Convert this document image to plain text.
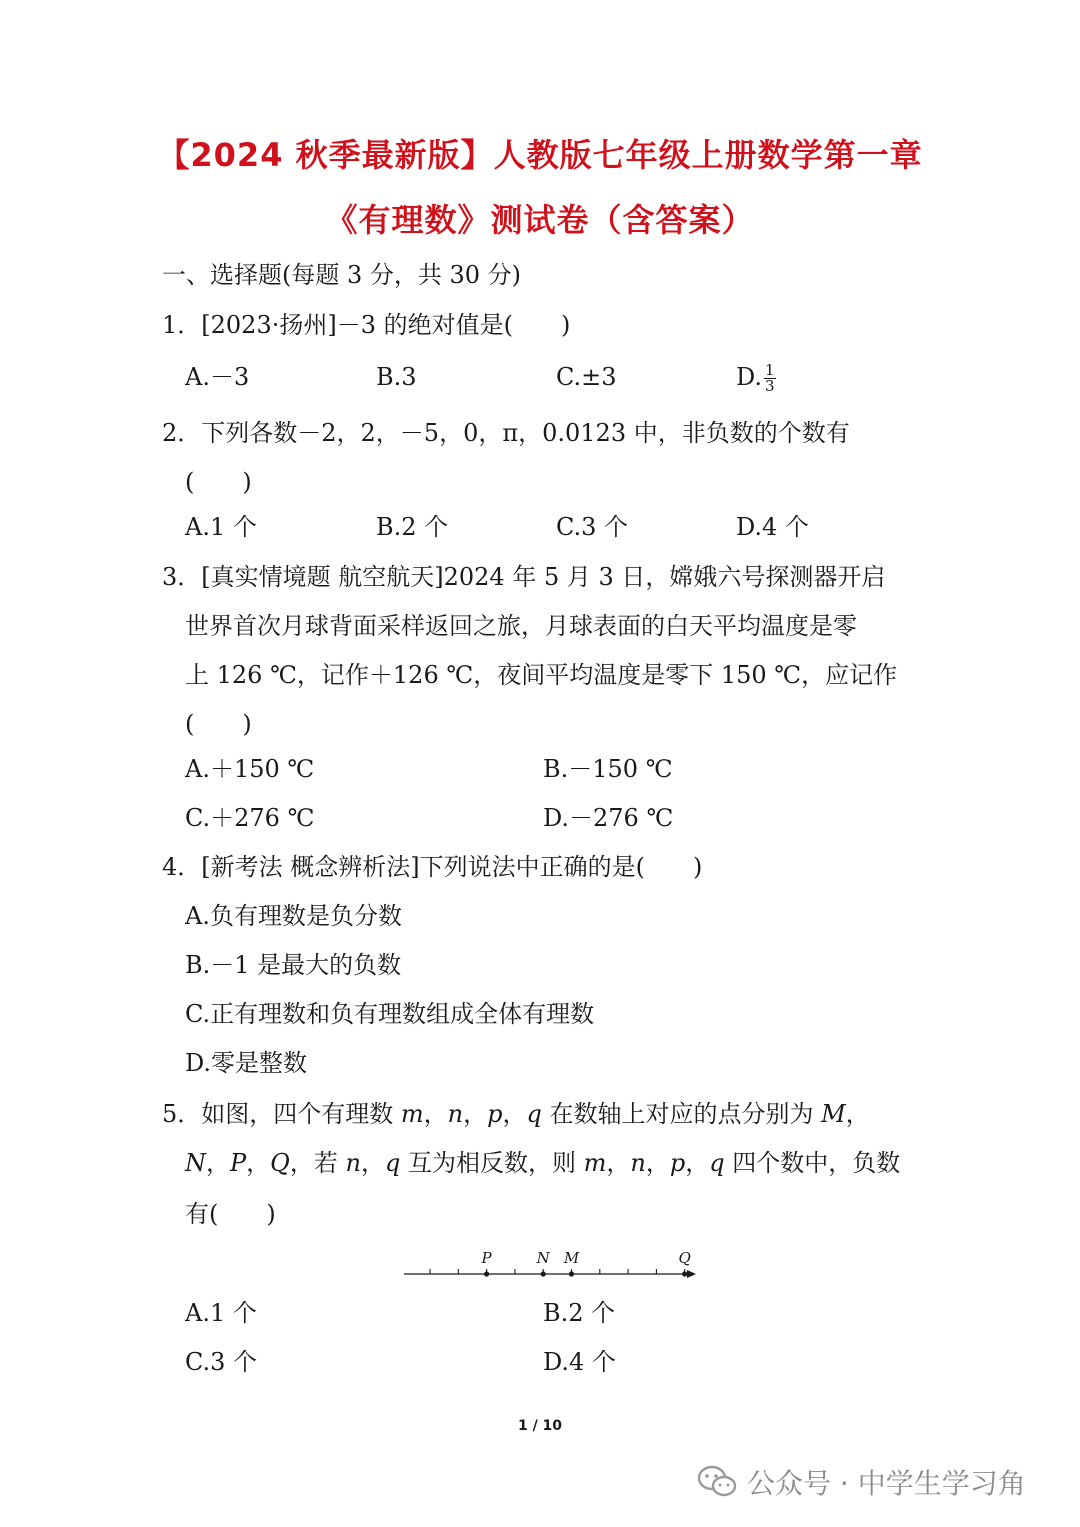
【2024 秋季最新版】人教版七年级上册数学第一章
《有理数》测试卷（含答案）
一、选择题(每题 3 分，共 30 分)
1．[2023·扬州]－3 的绝对值是(　　)
A.－3	B.3	C.±3	D. $\frac{1}{3}$
2．下列各数－2，2，－5，0，π，0.0123 中，非负数的个数有
(　　)
A.1 个	B.2 个	C.3 个	D.4 个
3．[真实情境题 航空航天]2024 年 5 月 3 日，嫦娥六号探测器开启
世界首次月球背面采样返回之旅，月球表面的白天平均温度是零
上 126 ℃，记作＋126 ℃，夜间平均温度是零下 150 ℃，应记作
(　　)
A.＋150 ℃	B.－150 ℃
C.＋276 ℃	D.－276 ℃
4．[新考法 概念辨析法]下列说法中正确的是(　　)
A.负有理数是负分数
B.－1 是最大的负数
C.正有理数和负有理数组成全体有理数
D.零是整数
5．如图，四个有理数 m，n，p，q 在数轴上对应的点分别为 M，
N，P，Q，若 n，q 互为相反数，则 m，n，p，q 四个数中，负数
有(　　)
P	N M	Q
A.1 个	B.2 个
C.3 个	D.4 个
1 / 10
公众号 · 中学生学习角
